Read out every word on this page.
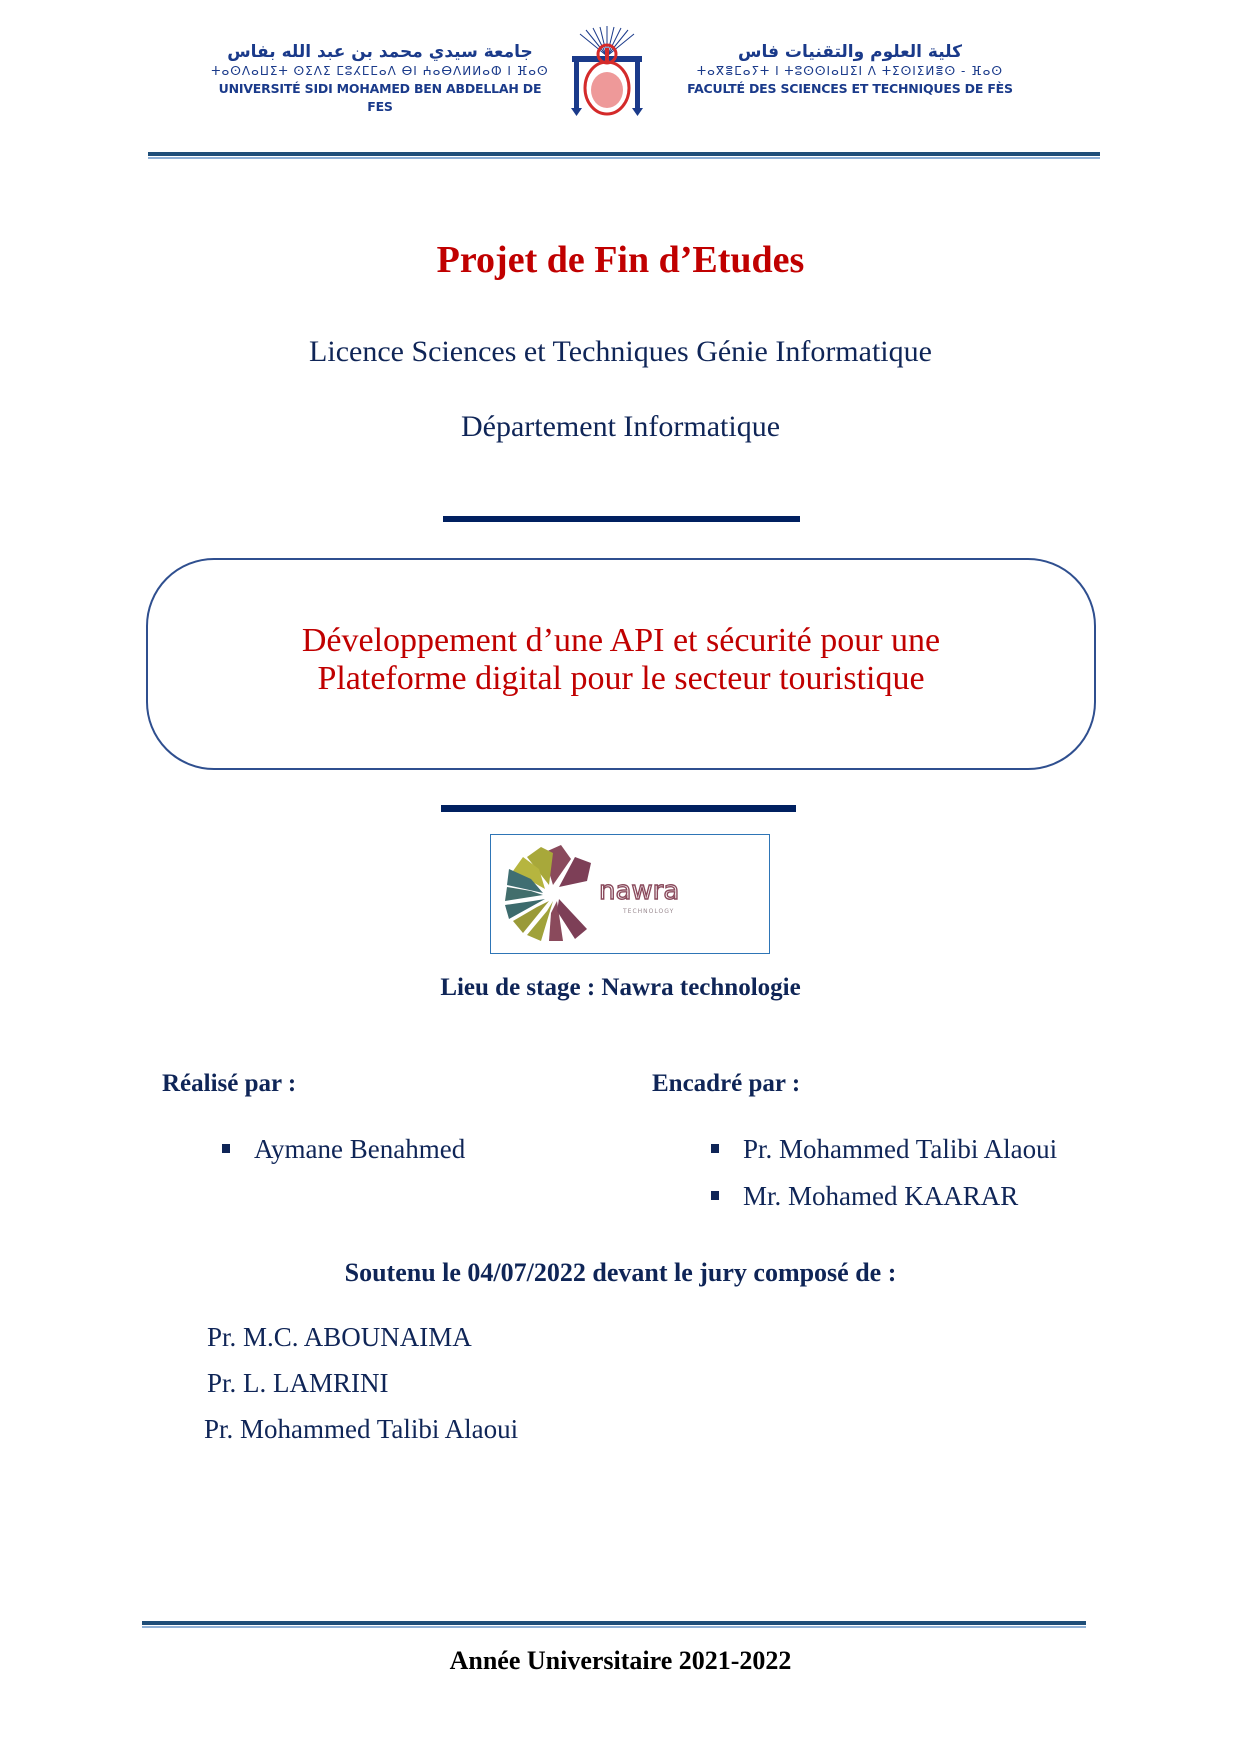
جامعة سيدي محمد بن عبد الله بفاس
ⵜⴰⵙⴷⴰⵡⵉⵜ ⵙⵉⴷⵉ ⵎⵓⵃⵎⵎⴰⴷ ⴱⵏ ⵄⴰⴱⴷⵍⵍⴰⵀ ⵏ ⴼⴰⵙ
UNIVERSITÉ SIDI MOHAMED BEN ABDELLAH DE FES
كلية العلوم والتقنيات فاس
ⵜⴰⴳⴻⵎⴰⵢⵜ ⵏ ⵜⵓⵙⵙⵏⴰⵡⵉⵏ ⴷ ⵜⵉⵙⵏⵉⵍⴻⵙ - ⴼⴰⵙ
FACULTÉ DES SCIENCES ET TECHNIQUES DE FÈS
Projet de Fin d’Etudes
Licence Sciences et Techniques Génie Informatique
Département Informatique
Développement d’une API et sécurité pour une
Plateforme digital pour le secteur touristique
nawra
TECHNOLOGY
Lieu de stage : Nawra technologie
Réalisé par :
Aymane Benahmed
Encadré par :
Pr. Mohammed Talibi Alaoui
Mr. Mohamed KAARAR
Soutenu le 04/07/2022 devant le jury composé de :
Pr. M.C. ABOUNAIMA
Pr. L. LAMRINI
Pr. Mohammed Talibi Alaoui
Année Universitaire 2021-2022
